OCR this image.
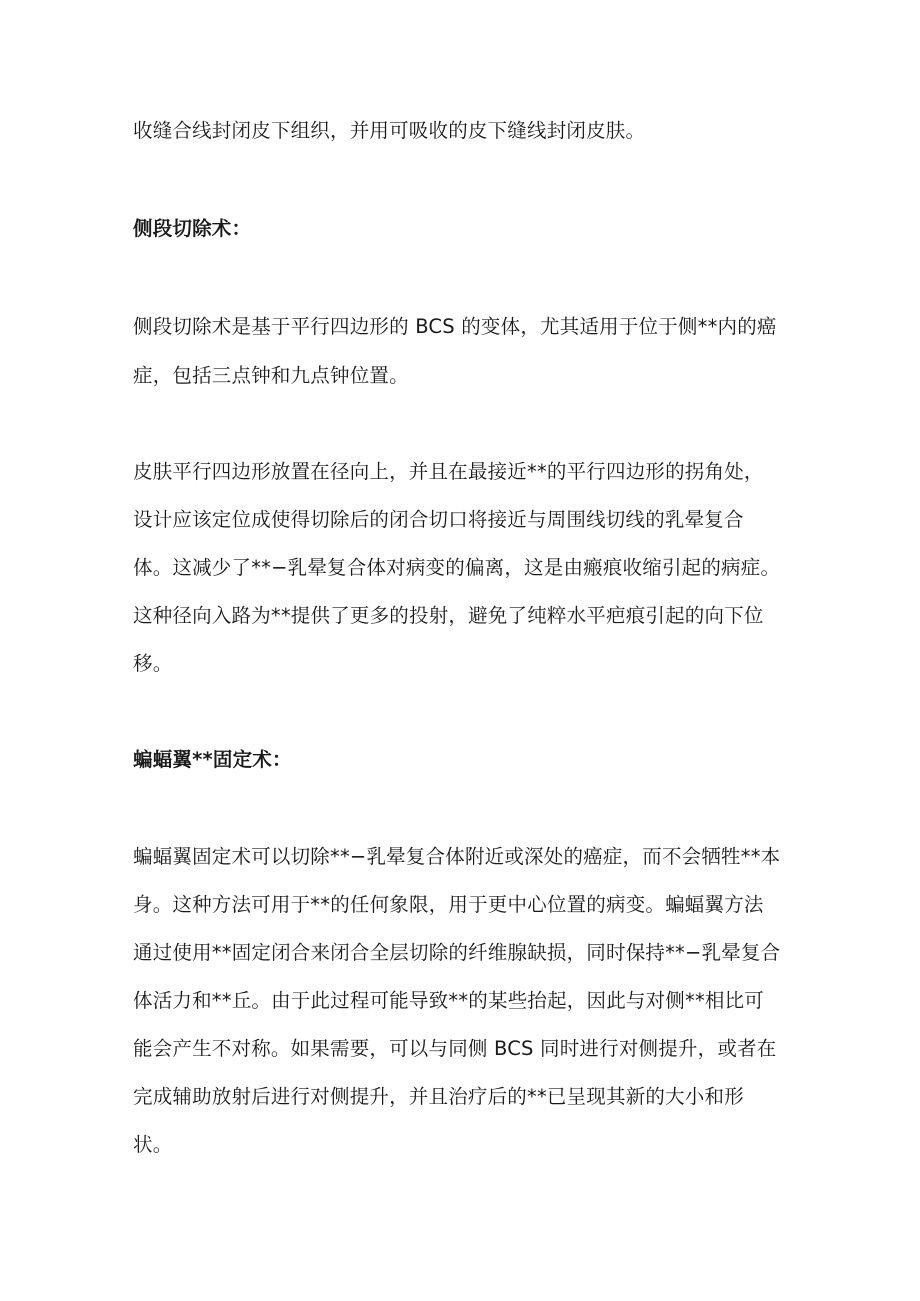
收缝合线封闭皮下组织，并用可吸收的皮下缝线封闭皮肤。
侧段切除术：
侧段切除术是基于平行四边形的 BCS 的变体，尤其适用于位于侧**内的癌
症，包括三点钟和九点钟位置。
皮肤平行四边形放置在径向上，并且在最接近**的平行四边形的拐角处，
设计应该定位成使得切除后的闭合切口将接近与周围线切线的乳晕复合
体。这减少了**−乳晕复合体对病变的偏离，这是由瘢痕收缩引起的病症。
这种径向入路为**提供了更多的投射，避免了纯粹水平疤痕引起的向下位
移。
蝙蝠翼**固定术：
蝙蝠翼固定术可以切除**−乳晕复合体附近或深处的癌症，而不会牺牲**本
身。这种方法可用于**的任何象限，用于更中心位置的病变。蝙蝠翼方法
通过使用**固定闭合来闭合全层切除的纤维腺缺损，同时保持**−乳晕复合
体活力和**丘。由于此过程可能导致**的某些抬起，因此与对侧**相比可
能会产生不对称。如果需要，可以与同侧 BCS 同时进行对侧提升，或者在
完成辅助放射后进行对侧提升，并且治疗后的**已呈现其新的大小和形
状。
